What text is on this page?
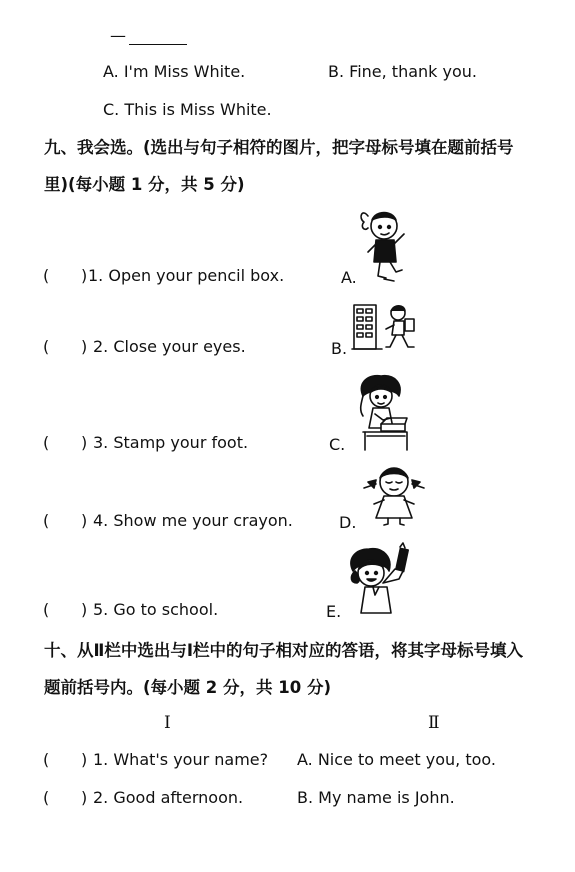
—
A. I'm Miss White.	B. Fine, thank you.
C. This is Miss White.
九、我会选。(选出与句子相符的图片，把字母标号填在题前括号
里)(每小题 1 分，共 5 分)
( ) 1. Open your pencil box.
( ) 2. Close your eyes.
( ) 3. Stamp your foot.
( ) 4. Show me your crayon.
( ) 5. Go to school.
A.
B.
C.
D.
E.
十、从Ⅱ栏中选出与Ⅰ栏中的句子相对应的答语，将其字母标号填入
题前括号内。(每小题 2 分，共 10 分)
Ⅰ	Ⅱ
( ) 1. What's your name? A. Nice to meet you, too.
( ) 2. Good afternoon.	B. My name is John.
